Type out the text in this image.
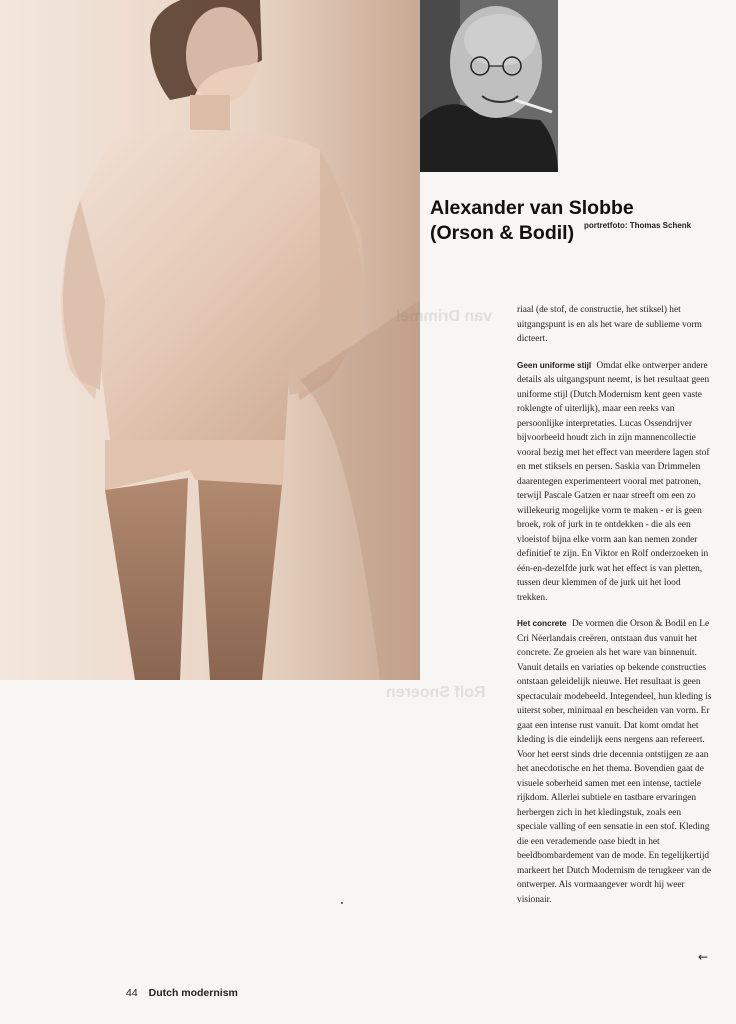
Alexander van Slobbe
(Orson & Bodil)	portretfoto: Thomas Schenk
van Drimmel
Rolf Snoeren

riaal (de stof, de constructie, het stiksel) het uitgangspunt is en als het ware de sublieme vorm dicteert.

Geen uniforme stijl Omdat elke ontwerper andere details als uitgangspunt neemt, is het resultaat geen uniforme stijl (Dutch Modernism kent geen vaste roklengte of uiterlijk), maar een reeks van persoonlijke interpretaties. Lucas Ossendrijver bijvoorbeeld houdt zich in zijn mannencollectie vooral bezig met het effect van meerdere lagen stof en met stiksels en persen. Saskia van Drimmelen daarentegen experimenteert vooral met patronen, terwijl Pascale Gatzen er naar streeft om een zo willekeurig mogelijke vorm te maken - er is geen broek, rok of jurk in te ontdekken - die als een vloeistof bijna elke vorm aan kan nemen zonder definitief te zijn. En Viktor en Rolf onderzoeken in één-en-dezelfde jurk wat het effect is van pletten, tussen deur klemmen of de jurk uit het lood trekken.

Het concrete De vormen die Orson & Bodil en Le Cri Néerlandais creëren, ontstaan dus vanuit het concrete. Ze groeien als het ware van binnenuit. Vanuit details en variaties op bekende constructies ontstaan geleidelijk nieuwe. Het resultaat is geen spectaculair modebeeld. Integendeel, hun kleding is uiterst sober, minimaal en bescheiden van vorm. Er gaat een intense rust vanuit. Dat komt omdat het kleding is die eindelijk eens nergens aan refereert. Voor het eerst sinds drie decennia ontstijgen ze aan het anecdotische en het thema. Bovendien gaat de visuele soberheid samen met een intense, tactiele rijkdom. Allerlei subtiele en tastbare ervaringen herbergen zich in het kledingstuk, zoals een speciale valling of een sensatie in een stof. Kleding die een verademende oase biedt in het beeldbombardement van de mode. En tegelijkertijd markeert het Dutch Modernism de terugkeer van de ontwerper. Als vormaangever wordt hij weer visionair.

←
44 Dutch modernism
